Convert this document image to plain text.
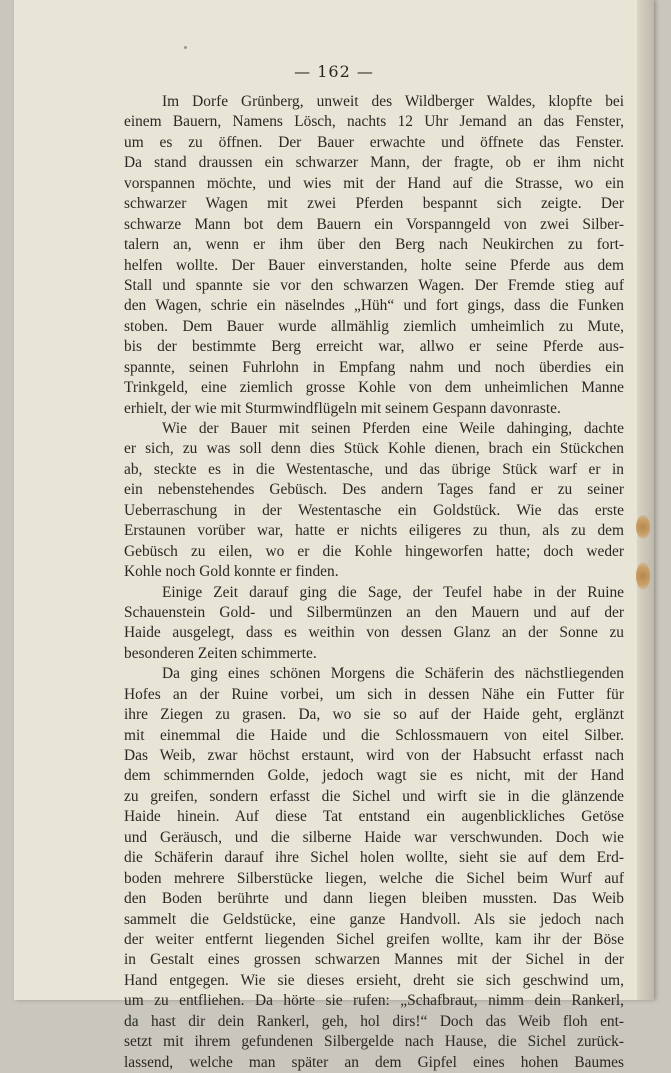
— 162 —
Im Dorfe Grünberg, unweit des Wildberger Waldes, klopfte bei
einem Bauern, Namens Lösch, nachts 12 Uhr Jemand an das Fenster,
um es zu öffnen. Der Bauer erwachte und öffnete das Fenster.
Da stand draussen ein schwarzer Mann, der fragte, ob er ihm nicht
vorspannen möchte, und wies mit der Hand auf die Strasse, wo ein
schwarzer Wagen mit zwei Pferden bespannt sich zeigte. Der
schwarze Mann bot dem Bauern ein Vorspanngeld von zwei Silber-
talern an, wenn er ihm über den Berg nach Neukirchen zu fort-
helfen wollte. Der Bauer einverstanden, holte seine Pferde aus dem
Stall und spannte sie vor den schwarzen Wagen. Der Fremde stieg auf
den Wagen, schrie ein näselndes „Hüh“ und fort gings, dass die Funken
stoben. Dem Bauer wurde allmählig ziemlich umheimlich zu Mute,
bis der bestimmte Berg erreicht war, allwo er seine Pferde aus-
spannte, seinen Fuhrlohn in Empfang nahm und noch überdies ein
Trinkgeld, eine ziemlich grosse Kohle von dem unheimlichen Manne
erhielt, der wie mit Sturmwindflügeln mit seinem Gespann davonraste.
Wie der Bauer mit seinen Pferden eine Weile dahinging, dachte
er sich, zu was soll denn dies Stück Kohle dienen, brach ein Stückchen
ab, steckte es in die Westentasche, und das übrige Stück warf er in
ein nebenstehendes Gebüsch. Des andern Tages fand er zu seiner
Ueberraschung in der Westentasche ein Goldstück. Wie das erste
Erstaunen vorüber war, hatte er nichts eiligeres zu thun, als zu dem
Gebüsch zu eilen, wo er die Kohle hingeworfen hatte; doch weder
Kohle noch Gold konnte er finden.
Einige Zeit darauf ging die Sage, der Teufel habe in der Ruine
Schauenstein Gold- und Silbermünzen an den Mauern und auf der
Haide ausgelegt, dass es weithin von dessen Glanz an der Sonne zu
besonderen Zeiten schimmerte.
Da ging eines schönen Morgens die Schäferin des nächstliegenden
Hofes an der Ruine vorbei, um sich in dessen Nähe ein Futter für
ihre Ziegen zu grasen. Da, wo sie so auf der Haide geht, erglänzt
mit einemmal die Haide und die Schlossmauern von eitel Silber.
Das Weib, zwar höchst erstaunt, wird von der Habsucht erfasst nach
dem schimmernden Golde, jedoch wagt sie es nicht, mit der Hand
zu greifen, sondern erfasst die Sichel und wirft sie in die glänzende
Haide hinein. Auf diese Tat entstand ein augenblickliches Getöse
und Geräusch, und die silberne Haide war verschwunden. Doch wie
die Schäferin darauf ihre Sichel holen wollte, sieht sie auf dem Erd-
boden mehrere Silberstücke liegen, welche die Sichel beim Wurf auf
den Boden berührte und dann liegen bleiben mussten. Das Weib
sammelt die Geldstücke, eine ganze Handvoll. Als sie jedoch nach
der weiter entfernt liegenden Sichel greifen wollte, kam ihr der Böse
in Gestalt eines grossen schwarzen Mannes mit der Sichel in der
Hand entgegen. Wie sie dieses ersieht, dreht sie sich geschwind um,
um zu entfliehen. Da hörte sie rufen: „Schafbraut, nimm dein Rankerl,
da hast dir dein Rankerl, geh, hol dirs!“ Doch das Weib floh ent-
setzt mit ihrem gefundenen Silbergelde nach Hause, die Sichel zurück-
lassend, welche man später an dem Gipfel eines hohen Baumes
